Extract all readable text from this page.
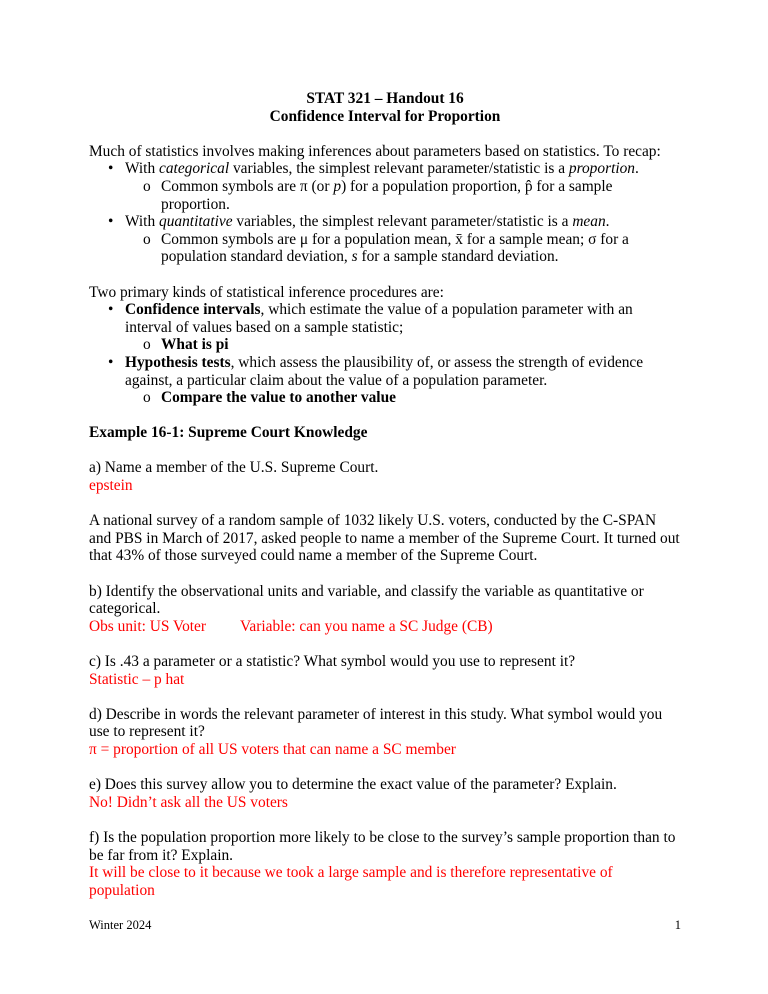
STAT 321 – Handout 16

Confidence Interval for Proportion

Much of statistics involves making inferences about parameters based on statistics. To recap:

• With categorical variables, the simplest relevant parameter/statistic is a proportion.
o Common symbols are π (or p) for a population proportion, p̂ for a sample proportion.
• With quantitative variables, the simplest relevant parameter/statistic is a mean.
o Common symbols are μ for a population mean, x̄ for a sample mean; σ for a population standard deviation, s for a sample standard deviation.

Two primary kinds of statistical inference procedures are:

• Confidence intervals, which estimate the value of a population parameter with an interval of values based on a sample statistic;
o What is pi
• Hypothesis tests, which assess the plausibility of, or assess the strength of evidence against, a particular claim about the value of a population parameter.
o Compare the value to another value

Example 16-1: Supreme Court Knowledge

a) Name a member of the U.S. Supreme Court.

epstein

A national survey of a random sample of 1032 likely U.S. voters, conducted by the C-SPAN and PBS in March of 2017, asked people to name a member of the Supreme Court. It turned out that 43% of those surveyed could name a member of the Supreme Court.

b) Identify the observational units and variable, and classify the variable as quantitative or categorical.

Obs unit: US Voter Variable: can you name a SC Judge (CB)

c) Is .43 a parameter or a statistic? What symbol would you use to represent it?

Statistic – p hat

d) Describe in words the relevant parameter of interest in this study. What symbol would you use to represent it?

π = proportion of all US voters that can name a SC member

e) Does this survey allow you to determine the exact value of the parameter? Explain.

No! Didn’t ask all the US voters

f) Is the population proportion more likely to be close to the survey’s sample proportion than to be far from it? Explain.

It will be close to it because we took a large sample and is therefore representative of population

Winter 2024	1
